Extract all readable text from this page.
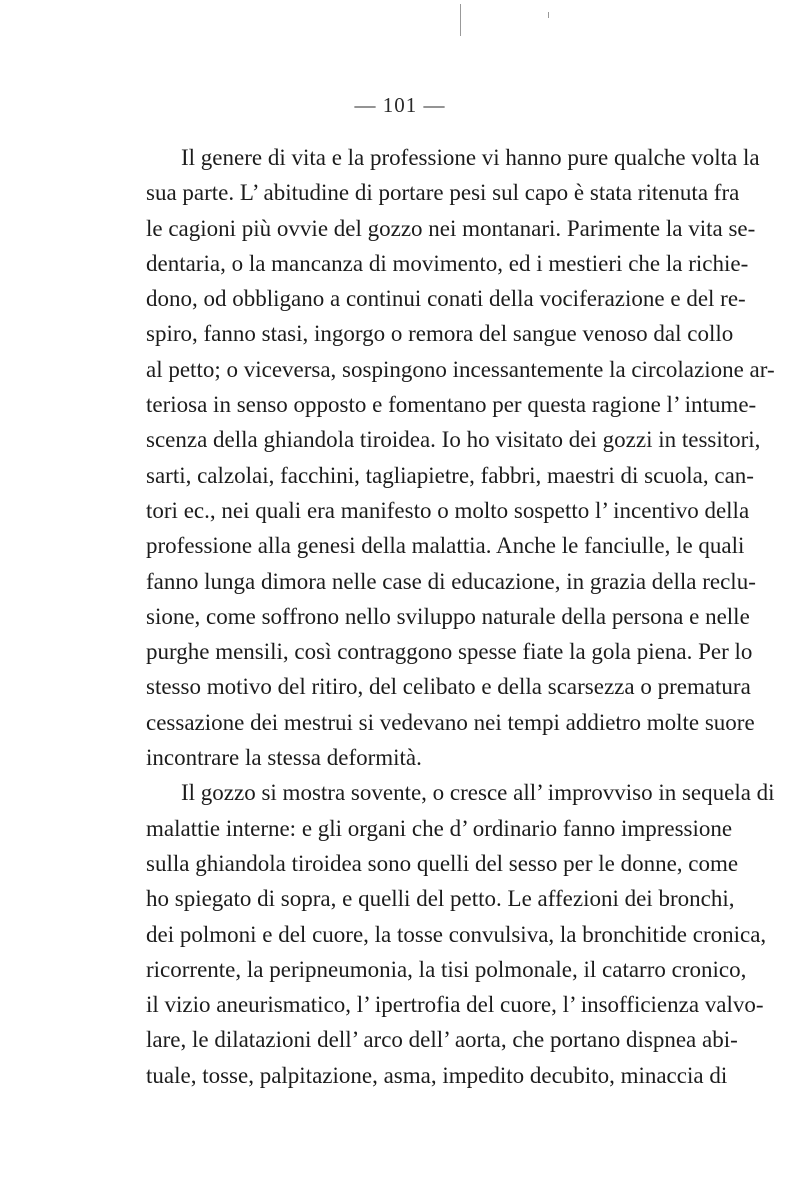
— 101 —
Il genere di vita e la professione vi hanno pure qualche volta la
sua parte. L’ abitudine di portare pesi sul capo è stata ritenuta fra
le cagioni più ovvie del gozzo nei montanari. Parimente la vita se-
dentaria, o la mancanza di movimento, ed i mestieri che la richie-
dono, od obbligano a continui conati della vociferazione e del re-
spiro, fanno stasi, ingorgo o remora del sangue venoso dal collo
al petto; o viceversa, sospingono incessantemente la circolazione ar-
teriosa in senso opposto e fomentano per questa ragione l’ intume-
scenza della ghiandola tiroidea. Io ho visitato dei gozzi in tessitori,
sarti, calzolai, facchini, tagliapietre, fabbri, maestri di scuola, can-
tori ec., nei quali era manifesto o molto sospetto l’ incentivo della
professione alla genesi della malattia. Anche le fanciulle, le quali
fanno lunga dimora nelle case di educazione, in grazia della reclu-
sione, come soffrono nello sviluppo naturale della persona e nelle
purghe mensili, così contraggono spesse fiate la gola piena. Per lo
stesso motivo del ritiro, del celibato e della scarsezza o prematura
cessazione dei mestrui si vedevano nei tempi addietro molte suore
incontrare la stessa deformità.
Il gozzo si mostra sovente, o cresce all’ improvviso in sequela di
malattie interne: e gli organi che d’ ordinario fanno impressione
sulla ghiandola tiroidea sono quelli del sesso per le donne, come
ho spiegato di sopra, e quelli del petto. Le affezioni dei bronchi,
dei polmoni e del cuore, la tosse convulsiva, la bronchitide cronica,
ricorrente, la peripneumonia, la tisi polmonale, il catarro cronico,
il vizio aneurismatico, l’ ipertrofia del cuore, l’ insofficienza valvo-
lare, le dilatazioni dell’ arco dell’ aorta, che portano dispnea abi-
tuale, tosse, palpitazione, asma, impedito decubito, minaccia di
